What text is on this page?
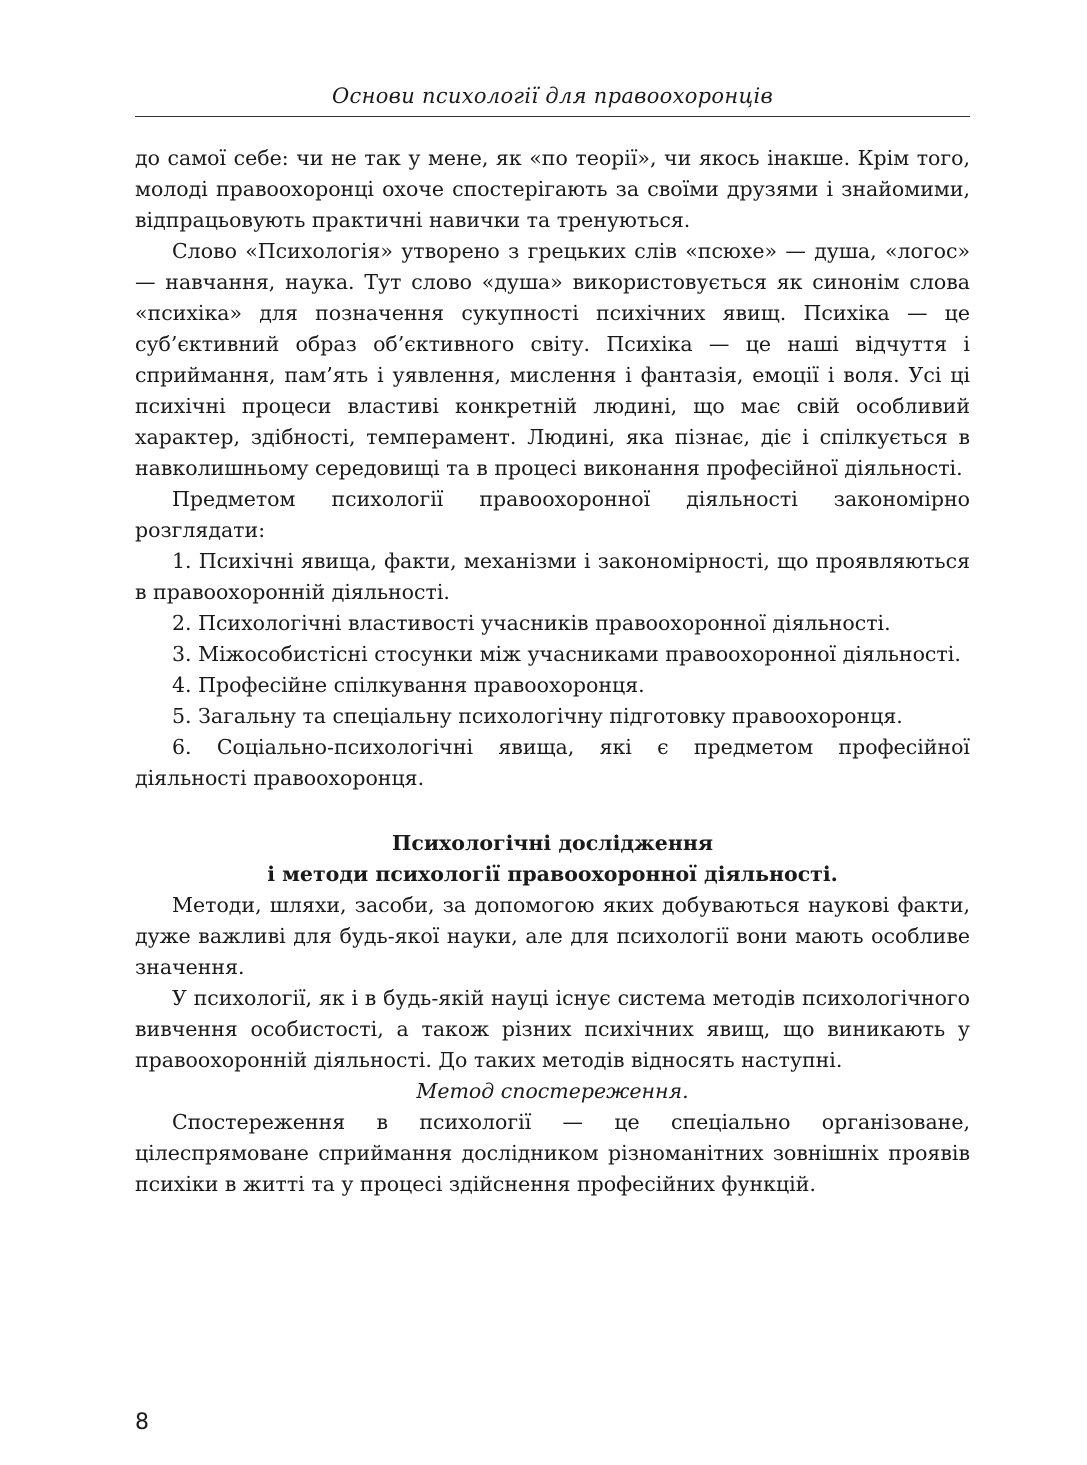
Основи психології для правоохоронців

до самої себе: чи не так у мене, як «по теорії», чи якось інакше. Крім того, молоді правоохоронці охоче спостерігають за своїми друзями і знайомими, відпрацьовують практичні навички та тренуються.

Слово «Психологія» утворено з грецьких слів «псюхе» — душа, «логос» — навчання, наука. Тут слово «душа» використовується як синонім слова «психіка» для позначення сукупності психічних явищ. Психіка — це суб’єктивний образ об’єктивного світу. Психіка — це наші відчуття і сприймання, пам’ять і уявлення, мислення і фантазія, емоції і воля. Усі ці психічні процеси властиві конкретній людині, що має свій особливий характер, здібності, темперамент. Людині, яка пізнає, діє і спілкується в навколишньому середовищі та в процесі виконання професійної діяльності.

Предметом психології правоохоронної діяльності закономірно розглядати:

1. Психічні явища, факти, механізми і закономірності, що проявляються в правоохоронній діяльності.

2. Психологічні властивості учасників правоохоронної діяльності.

3. Міжособистісні стосунки між учасниками правоохоронної діяльності.

4. Професійне спілкування правоохоронця.

5. Загальну та спеціальну психологічну підготовку правоохоронця.

6. Соціально-психологічні явища, які є предметом професійної діяльності правоохоронця.

Психологічні дослідження
і методи психології правоохоронної діяльності.

Методи, шляхи, засоби, за допомогою яких добуваються наукові факти, дуже важливі для будь-якої науки, але для психології вони мають особливе значення.

У психології, як і в будь-якій науці існує система методів психологічного вивчення особистості, а також різних психічних явищ, що виникають у правоохоронній діяльності. До таких методів відносять наступні.

Метод спостереження.

Спостереження в психології — це спеціально організоване, цілеспрямоване сприймання дослідником різноманітних зовнішніх проявів психіки в житті та у процесі здійснення професійних функцій.

8
